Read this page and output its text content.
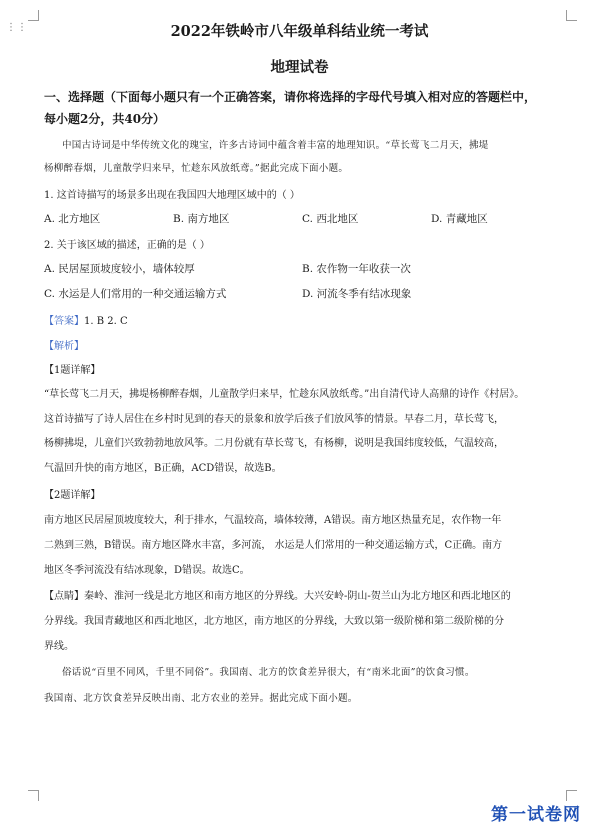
⋮⋮	2022年铁岭市八年级单科结业统一考试
地理试卷
一、选择题（下面每小题只有一个正确答案，请你将选择的字母代号填入相对应的答题栏中，
每小题2分，共40分）
中国古诗词是中华传统文化的瑰宝，许多古诗词中蕴含着丰富的地理知识。“草长莺飞二月天，拂堤
杨柳醉春烟，儿童散学归来早，忙趁东风放纸鸢。”据此完成下面小题。
1. 这首诗描写的场景多出现在我国四大地理区域中的（ ）
A. 北方地区	B. 南方地区	C. 西北地区	D. 青藏地区
2. 关于该区域的描述，正确的是（ ）
A. 民居屋顶坡度较小，墙体较厚	B. 农作物一年收获一次
C. 水运是人们常用的一种交通运输方式	D. 河流冬季有结冰现象
【答案】1. B 2. C
【解析】
【1题详解】
“草长莺飞二月天，拂堤杨柳醉春烟，儿童散学归来早，忙趁东风放纸鸢。”出自清代诗人高鼎的诗作《村居》。
这首诗描写了诗人居住在乡村时见到的春天的景象和放学后孩子们放风筝的情景。早春二月，草长莺飞，
杨柳拂堤，儿童们兴致勃勃地放风筝。二月份就有草长莺飞，有杨柳，说明是我国纬度较低，气温较高，
气温回升快的南方地区，B正确，ACD错误，故选B。
【2题详解】
南方地区民居屋顶坡度较大，利于排水，气温较高，墙体较薄，A错误。南方地区热量充足，农作物一年
二熟到三熟，B错误。南方地区降水丰富，多河流， 水运是人们常用的一种交通运输方式，C正确。南方
地区冬季河流没有结冰现象，D错误。故选C。
【点睛】秦岭、淮河一线是北方地区和南方地区的分界线。大兴安岭-阴山-贺兰山为北方地区和西北地区的
分界线。我国青藏地区和西北地区，北方地区，南方地区的分界线，大致以第一级阶梯和第二级阶梯的分
界线。
俗话说“百里不同风，千里不同俗”。我国南、北方的饮食差异很大，有“南米北面”的饮食习惯。
我国南、北方饮食差异反映出南、北方农业的差异。据此完成下面小题。
第一试卷网
